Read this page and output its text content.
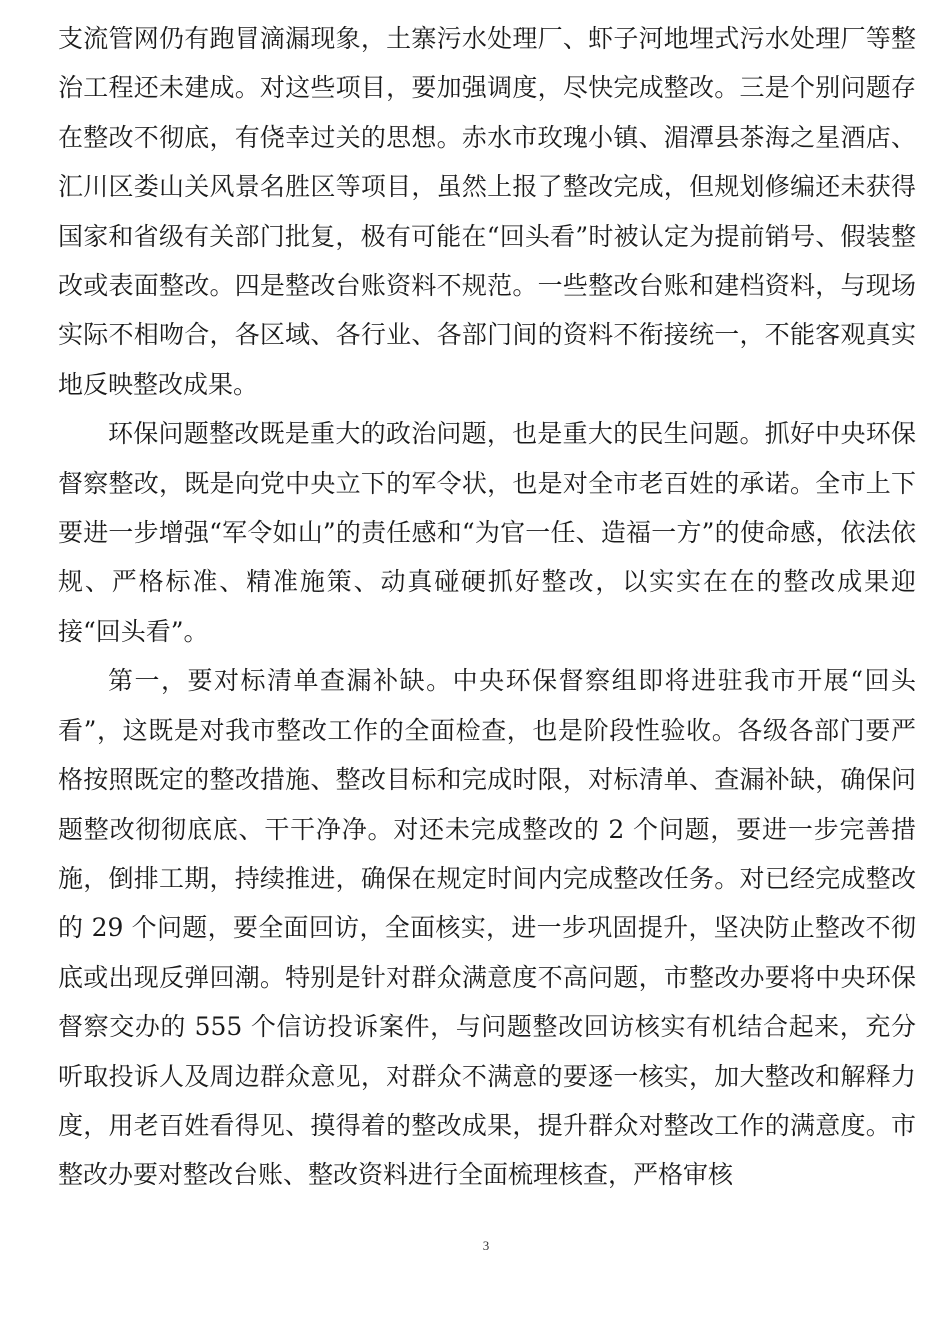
支流管网仍有跑冒滴漏现象，土寨污水处理厂、虾子河地埋式污水处理厂等整治工程还未建成。对这些项目，要加强调度，尽快完成整改。三是个别问题存在整改不彻底，有侥幸过关的思想。赤水市玫瑰小镇、湄潭县茶海之星酒店、汇川区娄山关风景名胜区等项目，虽然上报了整改完成，但规划修编还未获得国家和省级有关部门批复，极有可能在“回头看”时被认定为提前销号、假装整改或表面整改。四是整改台账资料不规范。一些整改台账和建档资料，与现场实际不相吻合，各区域、各行业、各部门间的资料不衔接统一，不能客观真实地反映整改成果。

环保问题整改既是重大的政治问题，也是重大的民生问题。抓好中央环保督察整改，既是向党中央立下的军令状，也是对全市老百姓的承诺。全市上下要进一步增强“军令如山”的责任感和“为官一任、造福一方”的使命感，依法依规、严格标准、精准施策、动真碰硬抓好整改，以实实在在的整改成果迎接“回头看”。

第一，要对标清单查漏补缺。中央环保督察组即将进驻我市开展“回头看”，这既是对我市整改工作的全面检查，也是阶段性验收。各级各部门要严格按照既定的整改措施、整改目标和完成时限，对标清单、查漏补缺，确保问题整改彻彻底底、干干净净。对还未完成整改的 2 个问题，要进一步完善措施，倒排工期，持续推进，确保在规定时间内完成整改任务。对已经完成整改的 29 个问题，要全面回访，全面核实，进一步巩固提升，坚决防止整改不彻底或出现反弹回潮。特别是针对群众满意度不高问题，市整改办要将中央环保督察交办的 555 个信访投诉案件，与问题整改回访核实有机结合起来，充分听取投诉人及周边群众意见，对群众不满意的要逐一核实，加大整改和解释力度，用老百姓看得见、摸得着的整改成果，提升群众对整改工作的满意度。市整改办要对整改台账、整改资料进行全面梳理核查，严格审核

3
